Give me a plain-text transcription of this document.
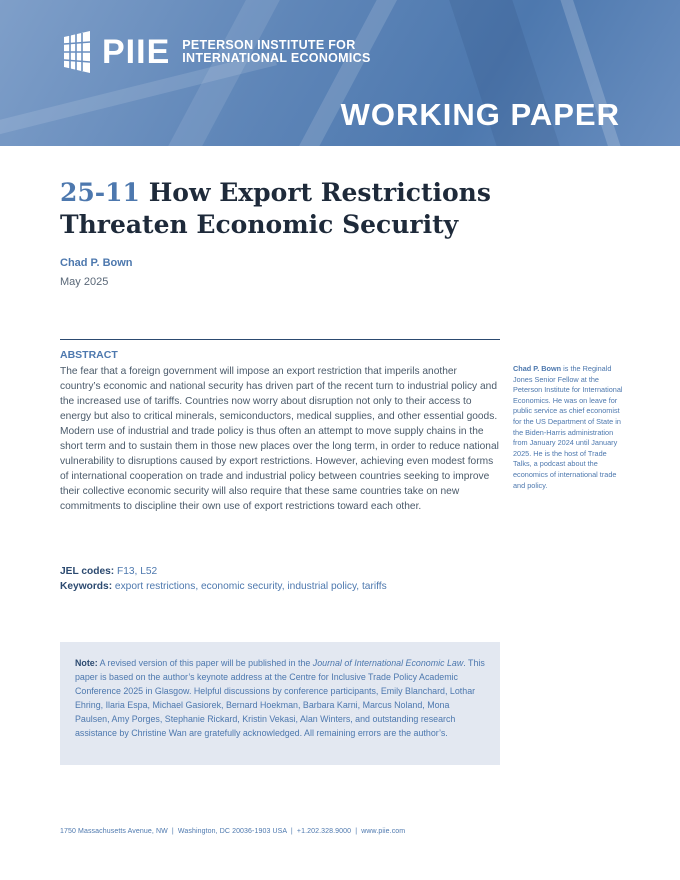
PIIE PETERSON INSTITUTE FOR
INTERNATIONAL ECONOMICS
WORKING PAPER
25-11 How Export Restrictions
Threaten Economic Security
Chad P. Bown
May 2025
ABSTRACT

The fear that a foreign government will impose an export restriction that imperils another country’s economic and national security has driven part of the recent turn to industrial policy and the increased use of tariffs. Countries now worry about disruption not only to their access to energy but also to critical minerals, semiconductors, medical supplies, and other essential goods. Modern use of industrial and trade policy is thus often an attempt to move supply chains in the short term and to sustain them in those new places over the long term, in order to reduce national vulnerability to disruptions caused by export restrictions. However, achieving even modest forms of international cooperation on trade and industrial policy between countries seeking to improve their collective economic security will also require that these same countries take on new commitments to discipline their own use of export restrictions toward each other.

Chad P. Bown is the Reginald Jones Senior Fellow at the Peterson Institute for International Economics. He was on leave for public service as chief economist for the US Department of State in the Biden-Harris administration from January 2024 until January 2025. He is the host of Trade Talks, a podcast about the economics of international trade and policy.
JEL codes: F13, L52
Keywords: export restrictions, economic security, industrial policy, tariffs

Note: A revised version of this paper will be published in the Journal of International Economic Law. This paper is based on the author’s keynote address at the Centre for Inclusive Trade Policy Academic Conference 2025 in Glasgow. Helpful discussions by conference participants, Emily Blanchard, Lothar Ehring, Ilaria Espa, Michael Gasiorek, Bernard Hoekman, Barbara Karni, Marcus Noland, Mona Paulsen, Amy Porges, Stephanie Rickard, Kristin Vekasi, Alan Winters, and outstanding research assistance by Christine Wan are gratefully acknowledged. All remaining errors are the author’s.

1750 Massachusetts Avenue, NW  |  Washington, DC 20036-1903 USA  |  +1.202.328.9000  |  www.piie.com
